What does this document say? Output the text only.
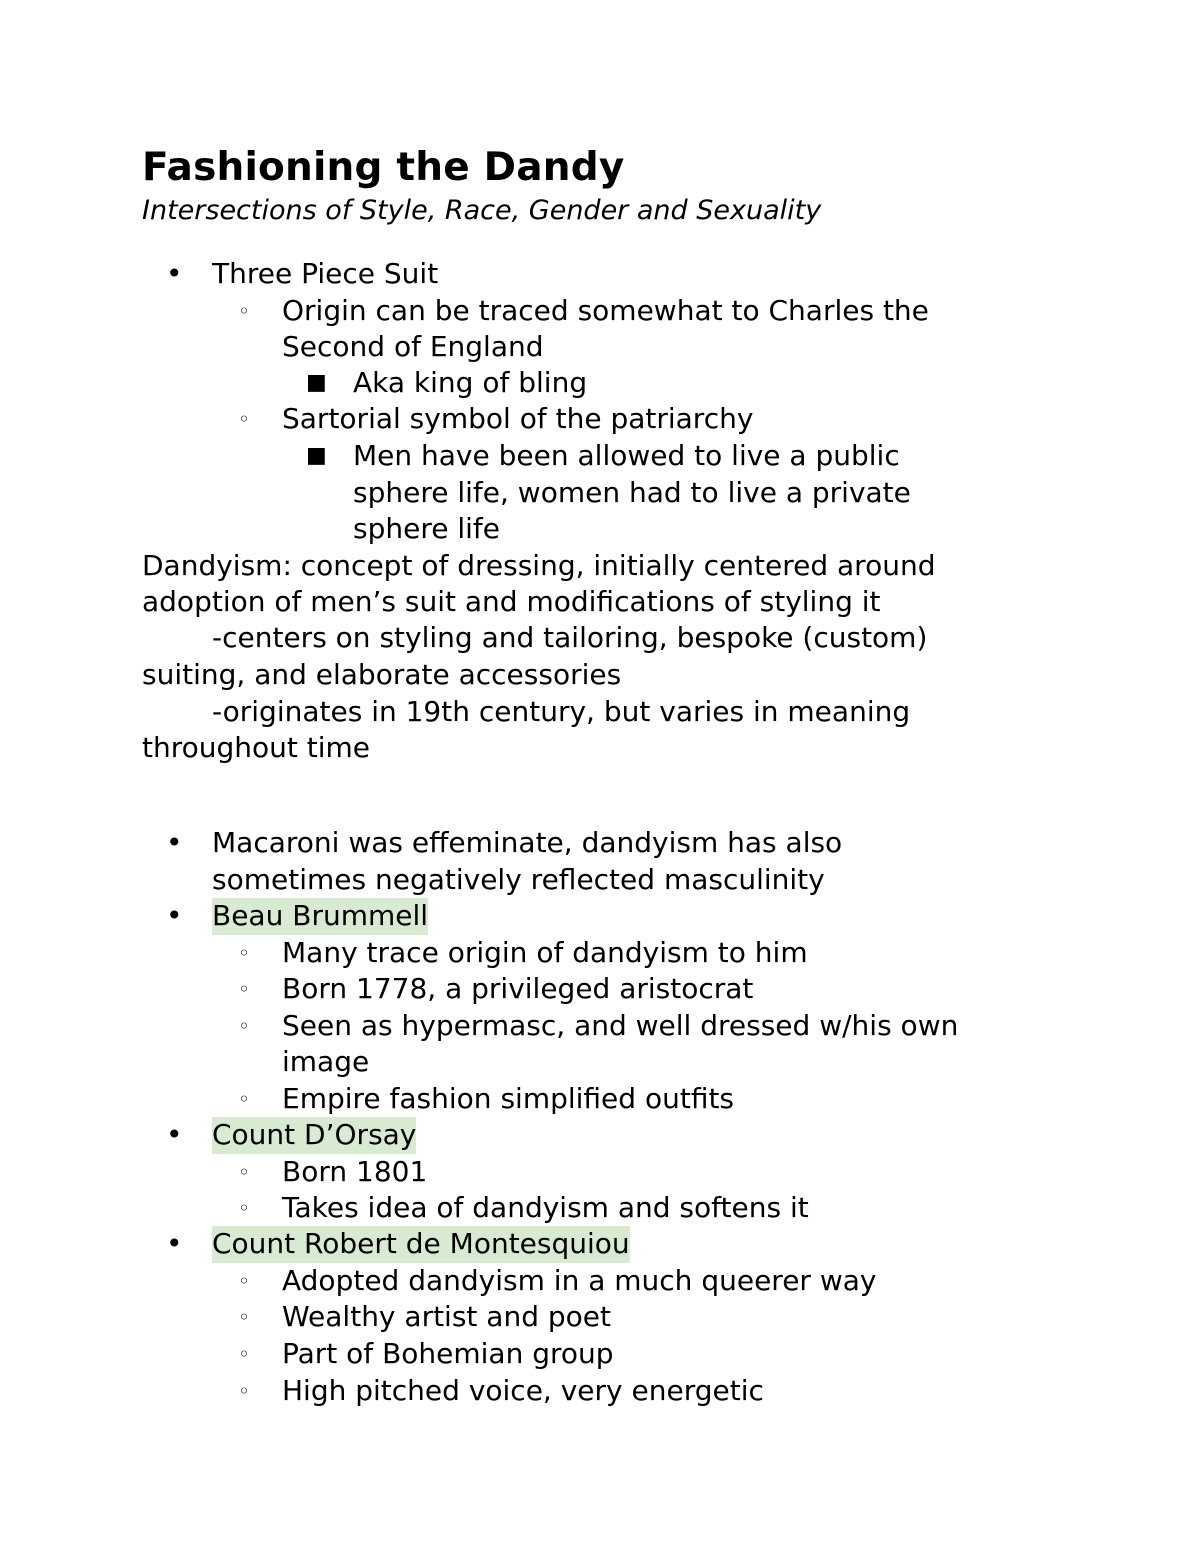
Fashioning the Dandy
Intersections of Style, Race, Gender and Sexuality
• Three Piece Suit
◦ Origin can be traced somewhat to Charles the
Second of England
■ Aka king of bling
◦ Sartorial symbol of the patriarchy
■ Men have been allowed to live a public
sphere life, women had to live a private
sphere life
Dandyism: concept of dressing, initially centered around
adoption of men’s suit and modifications of styling it
-centers on styling and tailoring, bespoke (custom)
suiting, and elaborate accessories
-originates in 19th century, but varies in meaning
throughout time
• Macaroni was effeminate, dandyism has also
sometimes negatively reflected masculinity
• Beau Brummell
◦ Many trace origin of dandyism to him
◦ Born 1778, a privileged aristocrat
◦ Seen as hypermasc, and well dressed w/his own
image
◦ Empire fashion simplified outfits
• Count D’Orsay
◦ Born 1801
◦ Takes idea of dandyism and softens it
• Count Robert de Montesquiou
◦ Adopted dandyism in a much queerer way
◦ Wealthy artist and poet
◦ Part of Bohemian group
◦ High pitched voice, very energetic
